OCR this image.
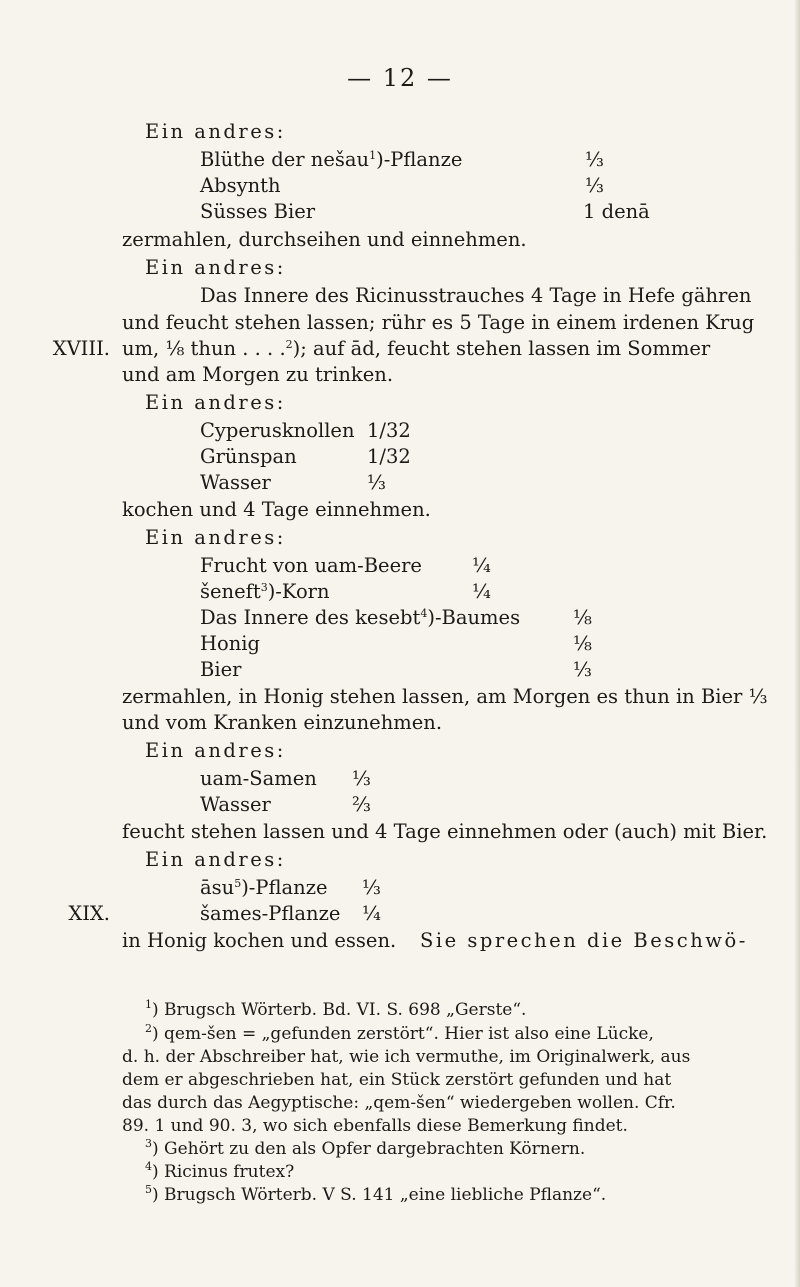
— 12 —
Ein andres:
Blüthe der nešau$^1$)-Pflanze	⅓
Absynth	⅓
Süsses Bier	1 denā
zermahlen, durchseihen und einnehmen.
Ein andres:
Das Innere des Ricinusstrauches 4 Tage in Hefe gähren
und feucht stehen lassen; rühr es 5 Tage in einem irdenen Krug
XVIII. um, ⅛ thun . . . .$^2$); auf ād, feucht stehen lassen im Sommer
und am Morgen zu trinken.
Ein andres:
Cyperusknollen 1/32
Grünspan	1/32
Wasser	⅓
kochen und 4 Tage einnehmen.
Ein andres:
Frucht von uam-Beere	¼
šeneft$^3$)-Korn	¼
Das Innere des kesebt$^4$)-Baumes	⅛
Honig	⅛
Bier	⅓
zermahlen, in Honig stehen lassen, am Morgen es thun in Bier ⅓
und vom Kranken einzunehmen.
Ein andres:
uam-Samen ⅓
Wasser	⅔
feucht stehen lassen und 4 Tage einnehmen oder (auch) mit Bier.
Ein andres:
āsu$^5$)-Pflanze ⅓
XIX.	šames-Pflanze ¼
in Honig kochen und essen. Sie sprechen die Beschwö-
$^1$) Brugsch Wörterb. Bd. VI. S. 698 „Gerste“.
$^2$) qem-šen = „gefunden zerstört“. Hier ist also eine Lücke,
d. h. der Abschreiber hat, wie ich vermuthe, im Originalwerk, aus
dem er abgeschrieben hat, ein Stück zerstört gefunden und hat
das durch das Aegyptische: „qem-šen“ wiedergeben wollen. Cfr.
89. 1 und 90. 3, wo sich ebenfalls diese Bemerkung findet.
$^3$) Gehört zu den als Opfer dargebrachten Körnern.
$^4$) Ricinus frutex?
$^5$) Brugsch Wörterb. V S. 141 „eine liebliche Pflanze“.
